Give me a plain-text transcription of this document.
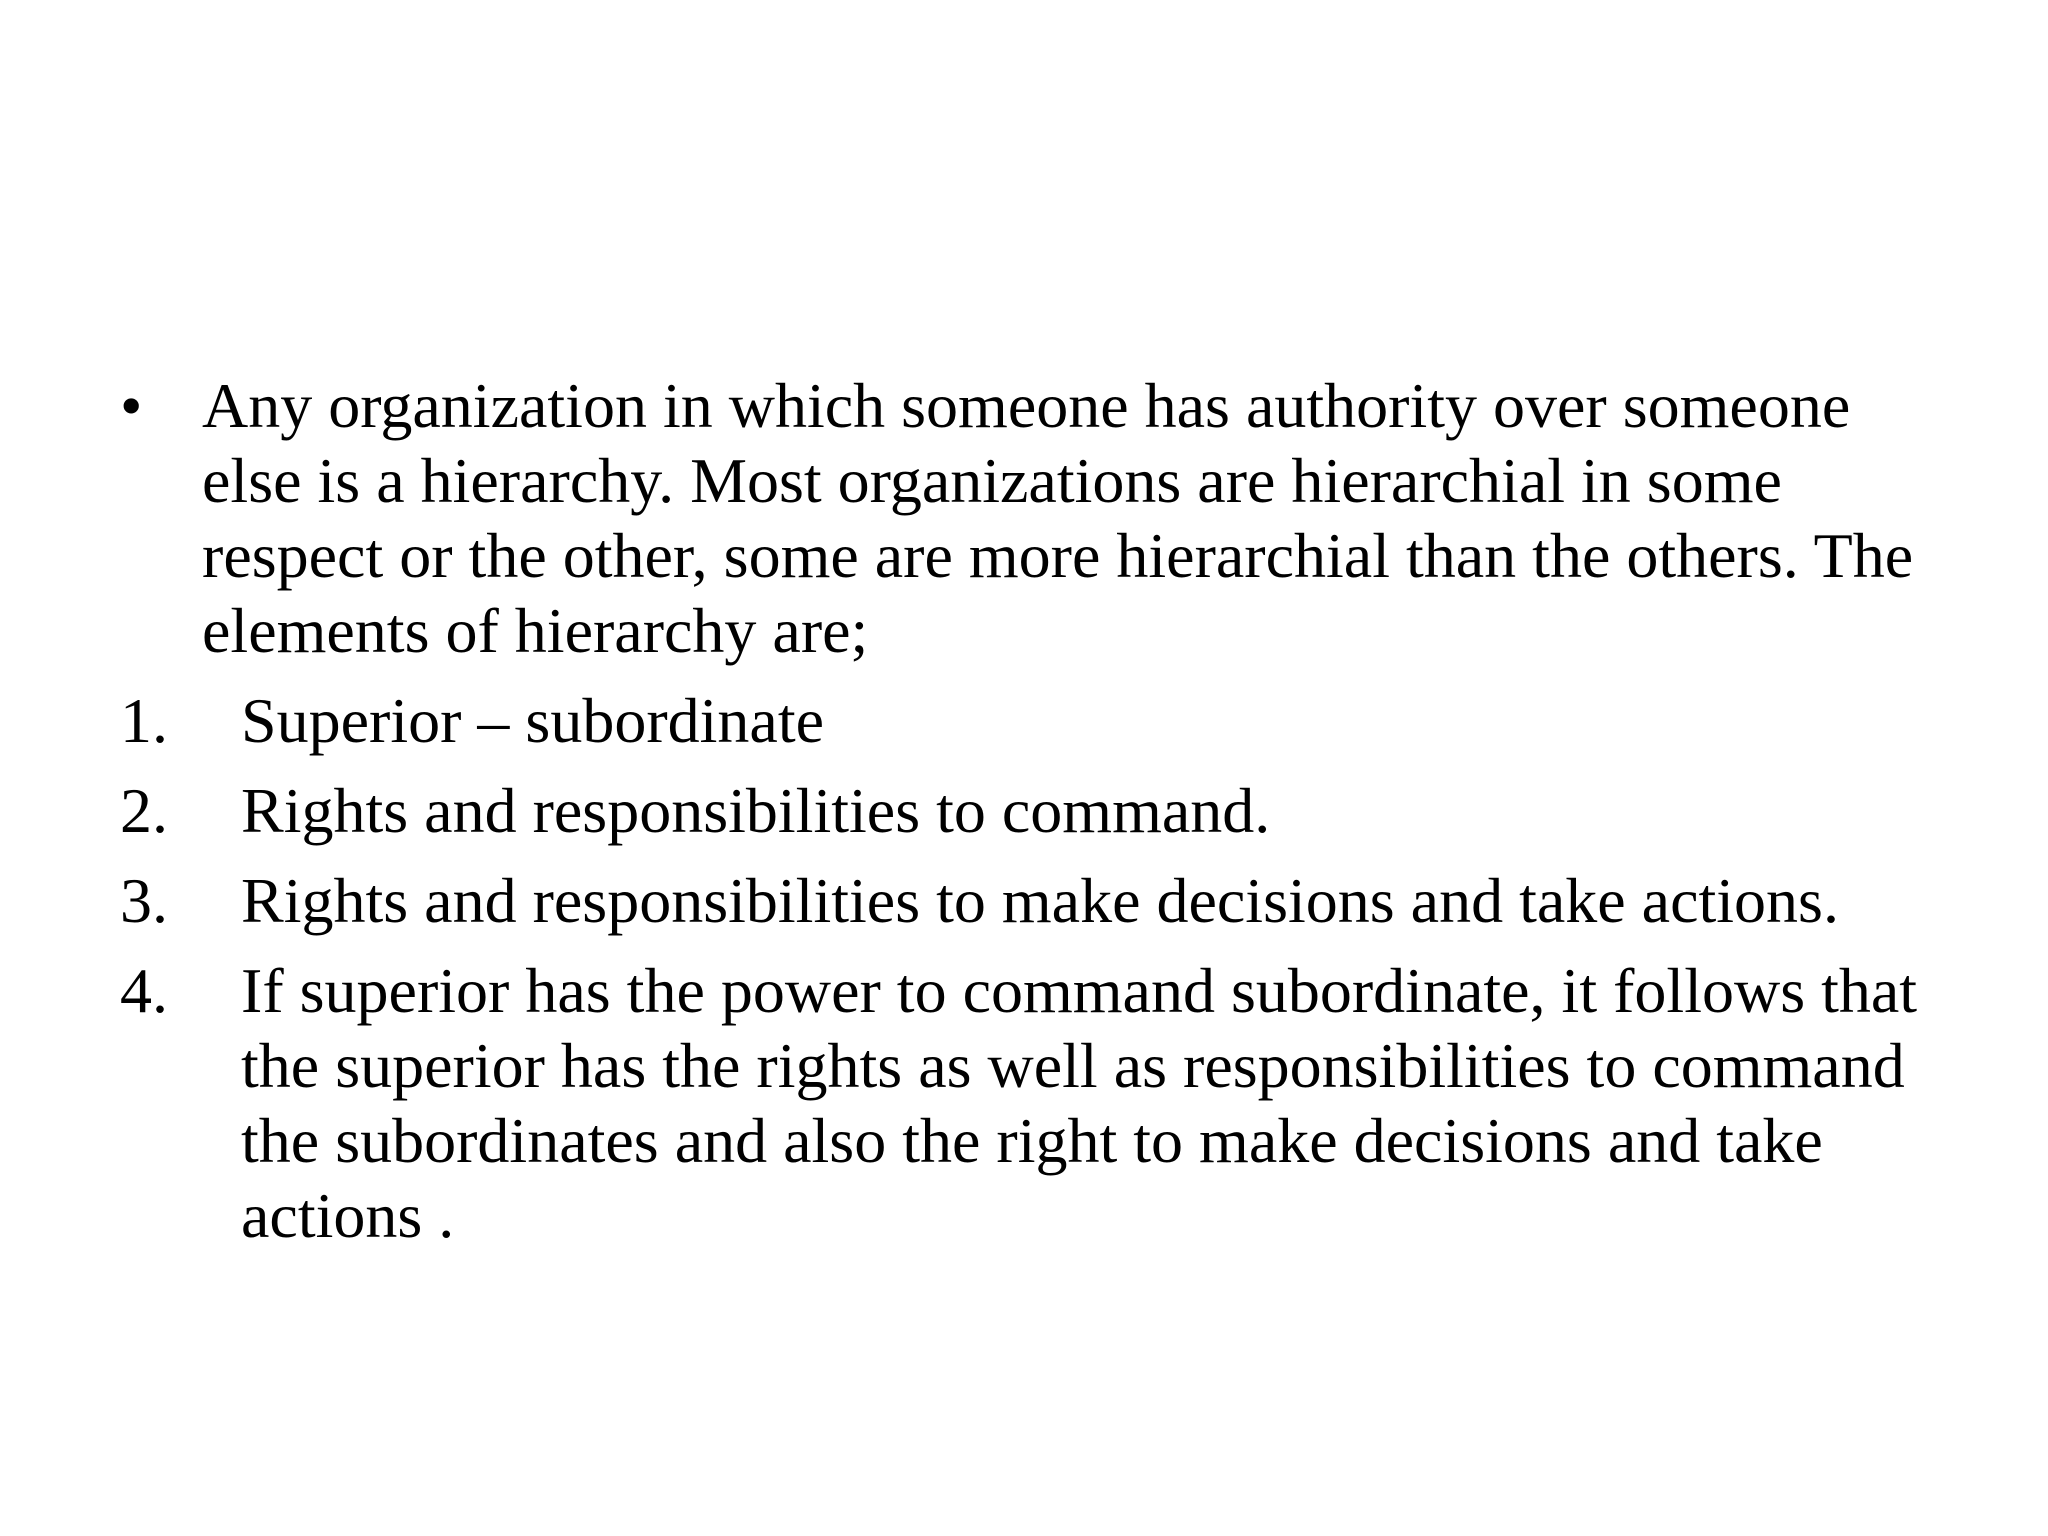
• Any organization in which someone has authority over someone else is a hierarchy. Most organizations are hierarchial in some respect or the other, some are more hierarchial than the others. The elements of hierarchy are;
1. Superior – subordinate
2. Rights and responsibilities to command.
3. Rights and responsibilities to make decisions and take actions.
4. If superior has the power to command subordinate, it follows that the superior has the rights as well as responsibilities to command the subordinates and also the right to make decisions and take actions .
